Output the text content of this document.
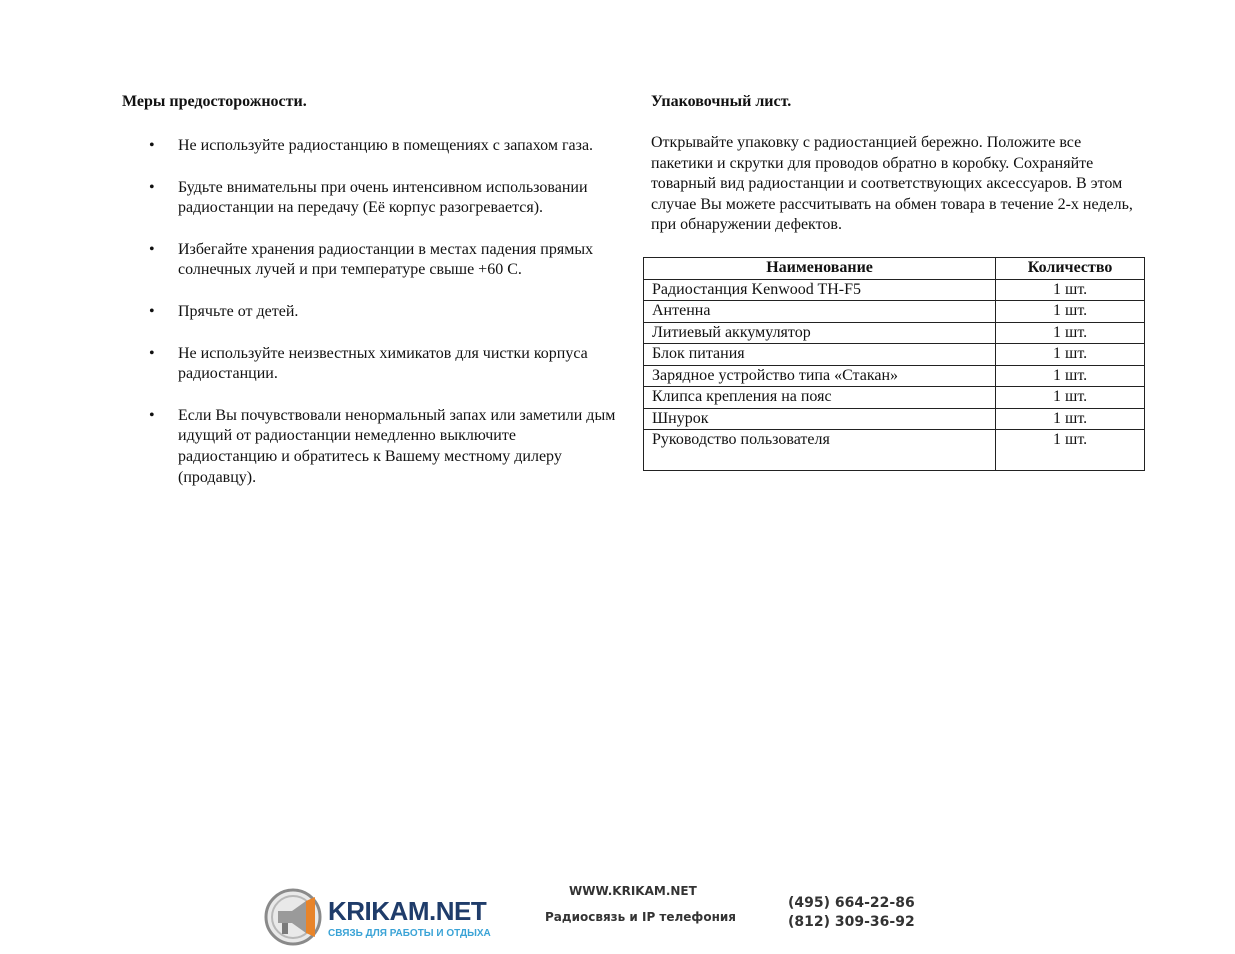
Меры предосторожности.

• Не используйте радиостанцию в помещениях с запахом газа.
• Будьте внимательны при очень интенсивном использовании радиостанции на передачу (Её корпус разогревается).
• Избегайте хранения радиостанции в местах падения прямых солнечных лучей и при температуре свыше +60 С.
• Прячьте от детей.
• Не используйте неизвестных химикатов для чистки корпуса радиостанции.
• Если Вы почувствовали ненормальный запах или заметили дым идущий от радиостанции немедленно выключите радиостанцию и обратитесь к Вашему местному дилеру (продавцу).

Упаковочный лист.

Открывайте упаковку с радиостанцией бережно. Положите все пакетики и скрутки для проводов обратно в коробку. Сохраняйте товарный вид радиостанции и соответствующих аксессуаров. В этом случае Вы можете рассчитывать на обмен товара в течение 2-х недель, при обнаружении дефектов.

Наименование	Количество
Радиостанция Kenwood TH-F5	1 шт.
Антенна	1 шт.
Литиевый аккумулятор	1 шт.
Блок питания	1 шт.
Зарядное устройство типа «Стакан»	1 шт.
Клипса крепления на пояс	1 шт.
Шнурок	1 шт.
Руководство пользователя	1 шт.
KRIKAM.NET
СВЯЗЬ ДЛЯ РАБОТЫ И ОТДЫХА
WWW.KRIKAM.NET
Радиосвязь и IP телефония
(495) 664-22-86
(812) 309-36-92
